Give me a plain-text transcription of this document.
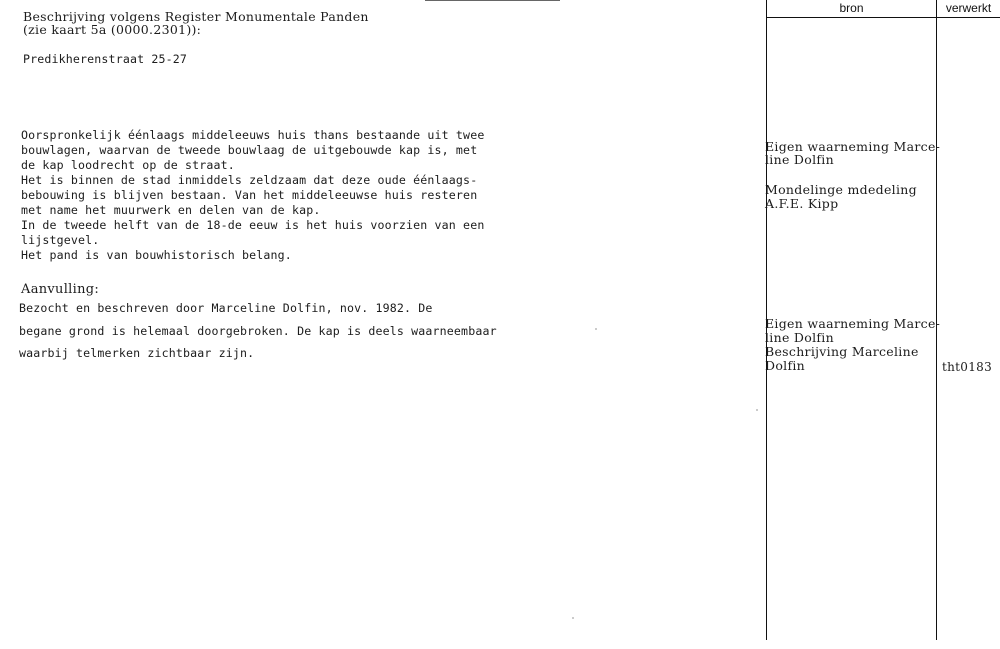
Beschrijving volgens Register Monumentale Panden
(zie kaart 5a (0000.2301)):
Predikherenstraat 25-27
Oorspronkelijk éénlaags middeleeuws huis thans bestaande uit twee
bouwlagen, waarvan de tweede bouwlaag de uitgebouwde kap is, met
de kap loodrecht op de straat.
Het is binnen de stad inmiddels zeldzaam dat deze oude éénlaags-
bebouwing is blijven bestaan. Van het middeleeuwse huis resteren
met name het muurwerk en delen van de kap.
In de tweede helft van de 18-de eeuw is het huis voorzien van een
lijstgevel.
Het pand is van bouwhistorisch belang.
Aanvulling:
Bezocht en beschreven door Marceline Dolfin, nov. 1982. De
begane grond is helemaal doorgebroken. De kap is deels waarneembaar
waarbij telmerken zichtbaar zijn.
bron	verwerkt
Eigen waarneming Marce-
line Dolfin
Mondelinge mdedeling
A.F.E. Kipp
Eigen waarneming Marce-
line Dolfin
Beschrijving Marceline
Dolfin	tht0183
